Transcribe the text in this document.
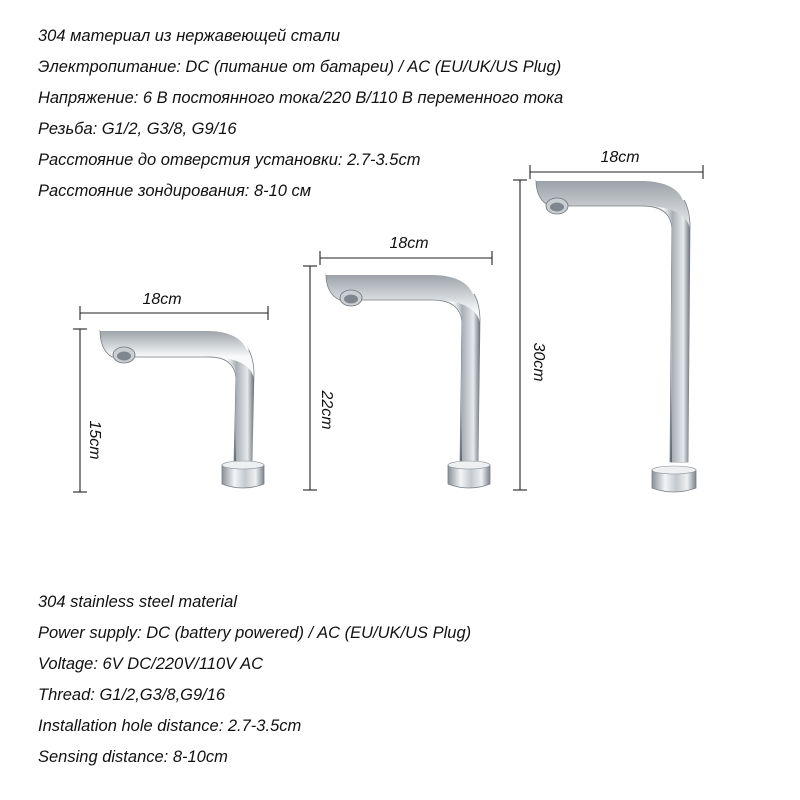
304 материал из нержавеющей стали
Электропитание: DC (питание от батареи) / AC (EU/UK/US Plug)
Напряжение: 6 В постоянного тока/220 В/110 В переменного тока
Резьба: G1/2, G3/8, G9/16
Расстояние до отверстия установки: 2.7-3.5cm
Расстояние зондирования: 8-10 см
18cm
15cm
18cm
22cm
18cm
30cm
304 stainless steel material
Power supply: DC (battery powered) / AC (EU/UK/US Plug)
Voltage: 6V DC/220V/110V AC
Thread: G1/2,G3/8,G9/16
Installation hole distance: 2.7-3.5cm
Sensing distance: 8-10cm
